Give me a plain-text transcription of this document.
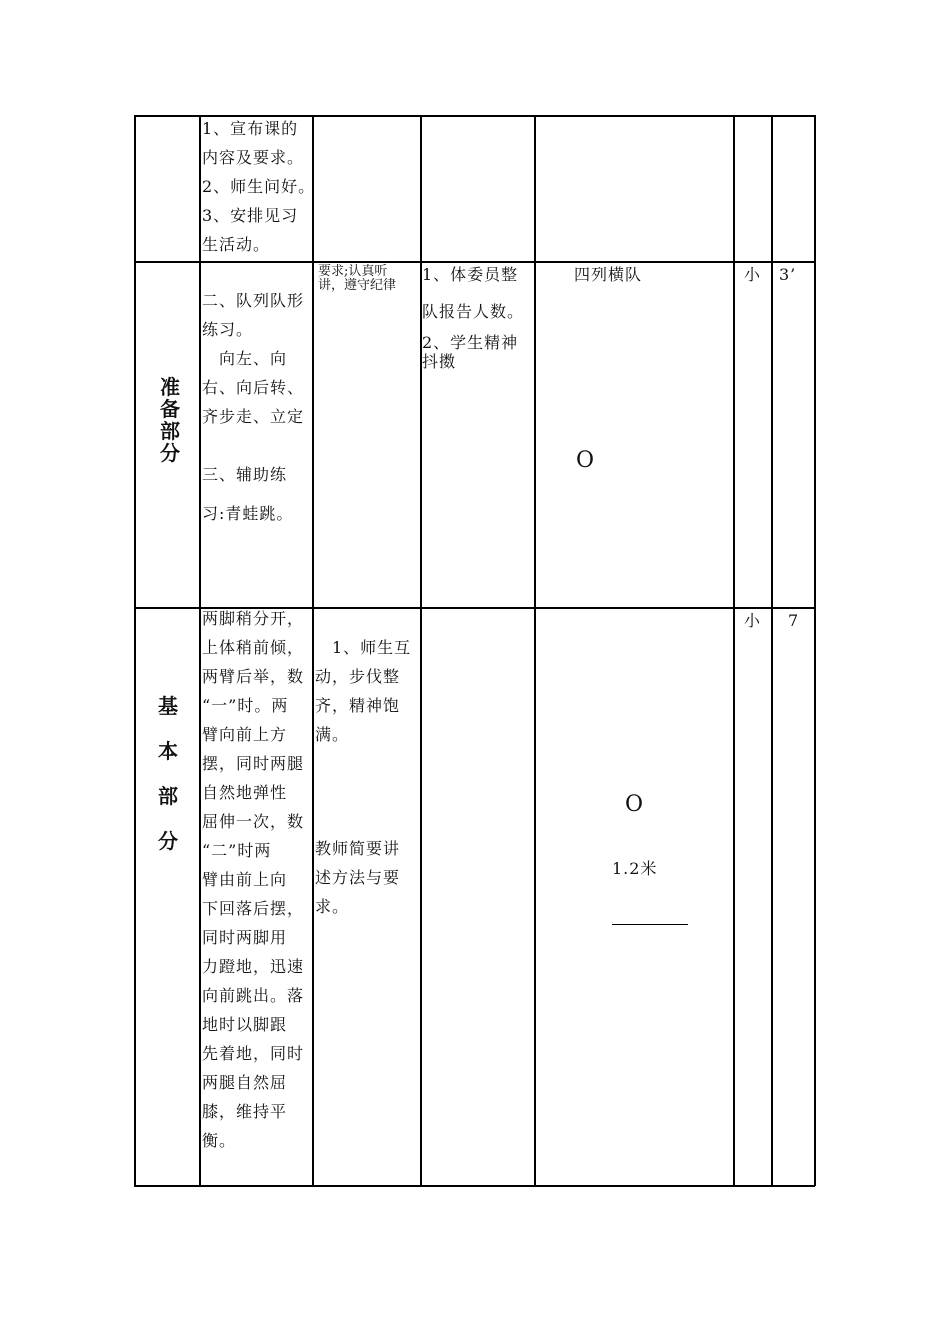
1、宣布课的
内容及要求。
2、师生问好。
3、安排见习
生活动。
准备部分
二、队列队形
练习。
　向左、向
右、向后转、
齐步走、立定
三、辅助练
习:青蛙跳。
要求;认真听
讲，遵守纪律
1、体委员整
队报告人数。
2、学生精神
抖擞
四列横队
O
小 3’
基
本
部
分
两脚稍分开，
上体稍前倾，
两臂后举，数
“一”时。两
臂向前上方
摆，同时两腿
自然地弹性
屈伸一次，数
“二”时两
臂由前上向
下回落后摆，
同时两脚用
力蹬地，迅速
向前跳出。落
地时以脚跟
先着地，同时
两腿自然屈
膝，维持平
衡。
　1、师生互
动，步伐整
齐，精神饱
满。
教师简要讲
述方法与要
求。
O
1.2米
小 7
